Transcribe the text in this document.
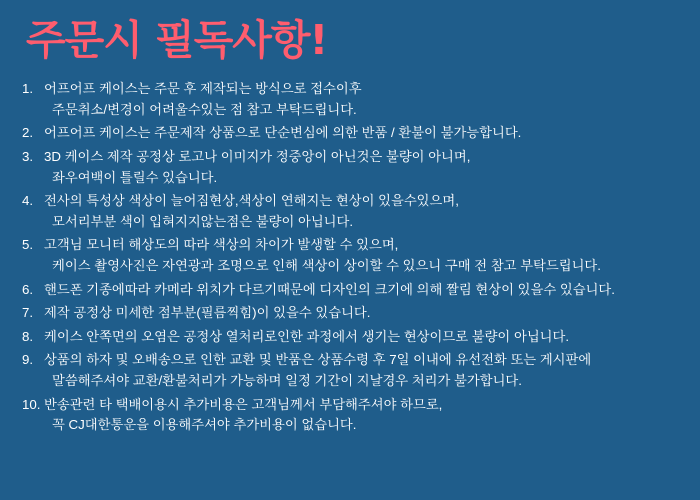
주문시 필독사항!
1. 어프어프 케이스는 주문 후 제작되는 방식으로 접수이후
주문취소/변경이 어려울수있는 점 참고 부탁드립니다.
2. 어프어프 케이스는 주문제작 상품으로 단순변심에 의한 반품 / 환불이 불가능합니다.
3. 3D 케이스 제작 공정상 로고나 이미지가 정중앙이 아닌것은 불량이 아니며,
좌우여백이 틀릴수 있습니다.
4. 전사의 특성상 색상이 늘어짐현상,색상이 연해지는 현상이 있을수있으며,
모서리부분 색이 입혀지지않는점은 불량이 아닙니다.
5. 고객님 모니터 해상도의 따라 색상의 차이가 발생할 수 있으며,
케이스 촬영사진은 자연광과 조명으로 인해 색상이 상이할 수 있으니 구매 전 참고 부탁드립니다.
6. 핸드폰 기종에따라 카메라 위치가 다르기때문에 디자인의 크기에 의해 짤림 현상이 있을수 있습니다.
7. 제작 공정상 미세한 점부분(필름찍힘)이 있을수 있습니다.
8. 케이스 안쪽면의 오염은 공정상 열처리로인한 과정에서 생기는 현상이므로 불량이 아닙니다.
9. 상품의 하자 및 오배송으로 인한 교환 및 반품은 상품수령 후 7일 이내에 유선전화 또는 게시판에
말씀해주셔야 교환/환불처리가 가능하며 일정 기간이 지날경우 처리가 불가합니다.
10. 반송관련 타 택배이용시 추가비용은 고객님께서 부담해주셔야 하므로,
꼭 CJ대한통운을 이용해주셔야 추가비용이 없습니다.
